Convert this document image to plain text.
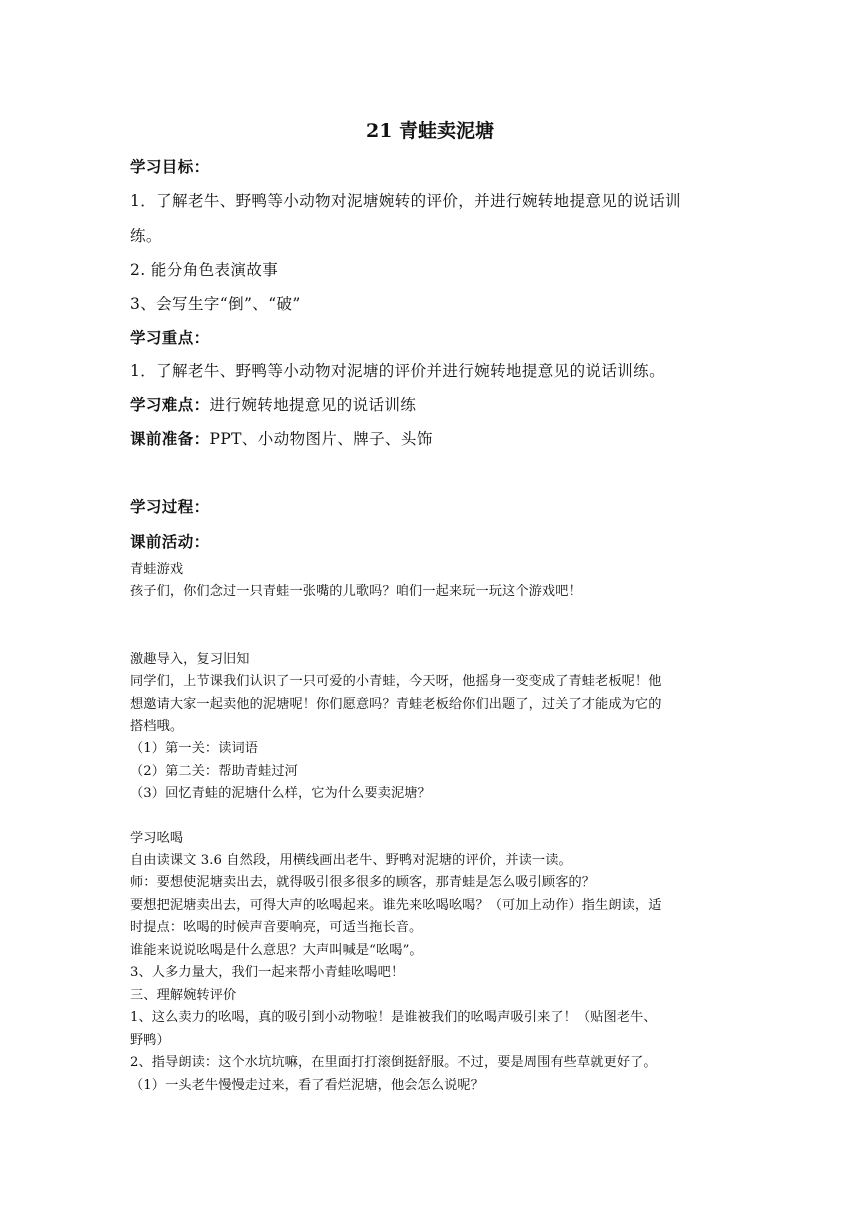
21 青蛙卖泥塘
学习目标：
1．了解老牛、野鸭等小动物对泥塘婉转的评价，并进行婉转地提意见的说话训
练。
2. 能分角色表演故事
3、会写生字“倒”、“破”
学习重点：
1．了解老牛、野鸭等小动物对泥塘的评价并进行婉转地提意见的说话训练。
学习难点：进行婉转地提意见的说话训练
课前准备：PPT、小动物图片、牌子、头饰
学习过程：
课前活动：
青蛙游戏
孩子们，你们念过一只青蛙一张嘴的儿歌吗？咱们一起来玩一玩这个游戏吧！
激趣导入，复习旧知
同学们，上节课我们认识了一只可爱的小青蛙，今天呀，他摇身一变变成了青蛙老板呢！他
想邀请大家一起卖他的泥塘呢！你们愿意吗？青蛙老板给你们出题了，过关了才能成为它的
搭档哦。
（1）第一关：读词语
（2）第二关：帮助青蛙过河
（3）回忆青蛙的泥塘什么样，它为什么要卖泥塘？
学习吆喝
自由读课文 3.6 自然段，用横线画出老牛、野鸭对泥塘的评价，并读一读。
师：要想使泥塘卖出去，就得吸引很多很多的顾客，那青蛙是怎么吸引顾客的？
要想把泥塘卖出去，可得大声的吆喝起来。谁先来吆喝吆喝？（可加上动作）指生朗读，适
时提点：吆喝的时候声音要响亮，可适当拖长音。
谁能来说说吆喝是什么意思？大声叫喊是“吆喝”。
3、人多力量大，我们一起来帮小青蛙吆喝吧！
三、理解婉转评价
1、这么卖力的吆喝，真的吸引到小动物啦！是谁被我们的吆喝声吸引来了！（贴图老牛、
野鸭）
2、指导朗读：这个水坑坑嘛，在里面打打滚倒挺舒服。不过，要是周围有些草就更好了。
（1）一头老牛慢慢走过来，看了看烂泥塘，他会怎么说呢？
